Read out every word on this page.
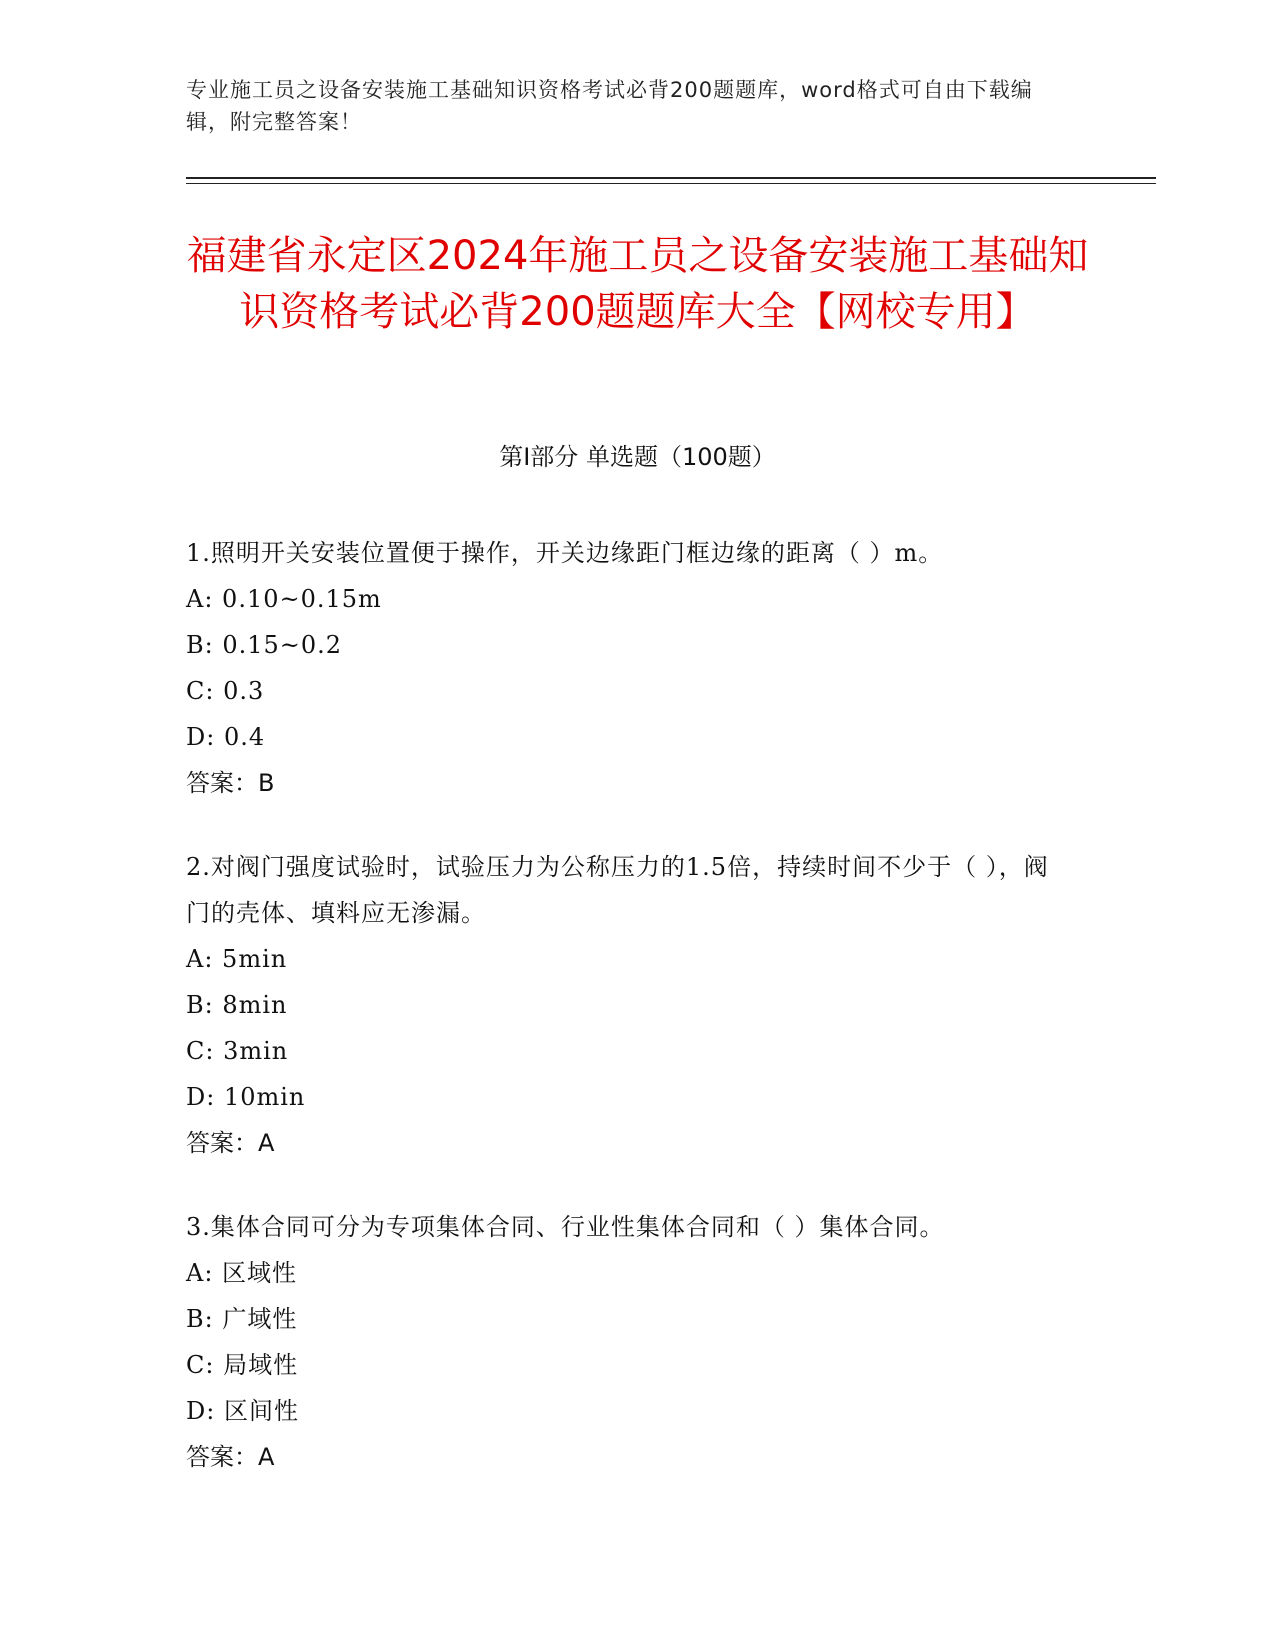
专业施工员之设备安装施工基础知识资格考试必背200题题库，word格式可自由下载编辑，附完整答案！
福建省永定区2024年施工员之设备安装施工基础知识资格考试必背200题题库大全【网校专用】
第I部分 单选题（100题）
1.照明开关安装位置便于操作，开关边缘距门框边缘的距离（ ）m。
A: 0.10~0.15m
B: 0.15~0.2
C: 0.3
D: 0.4
答案：B
2.对阀门强度试验时，试验压力为公称压力的1.5倍，持续时间不少于（ ），阀门的壳体、填料应无渗漏。
A: 5min
B: 8min
C: 3min
D: 10min
答案：A
3.集体合同可分为专项集体合同、行业性集体合同和（ ）集体合同。
A: 区域性
B: 广域性
C: 局域性
D: 区间性
答案：A
